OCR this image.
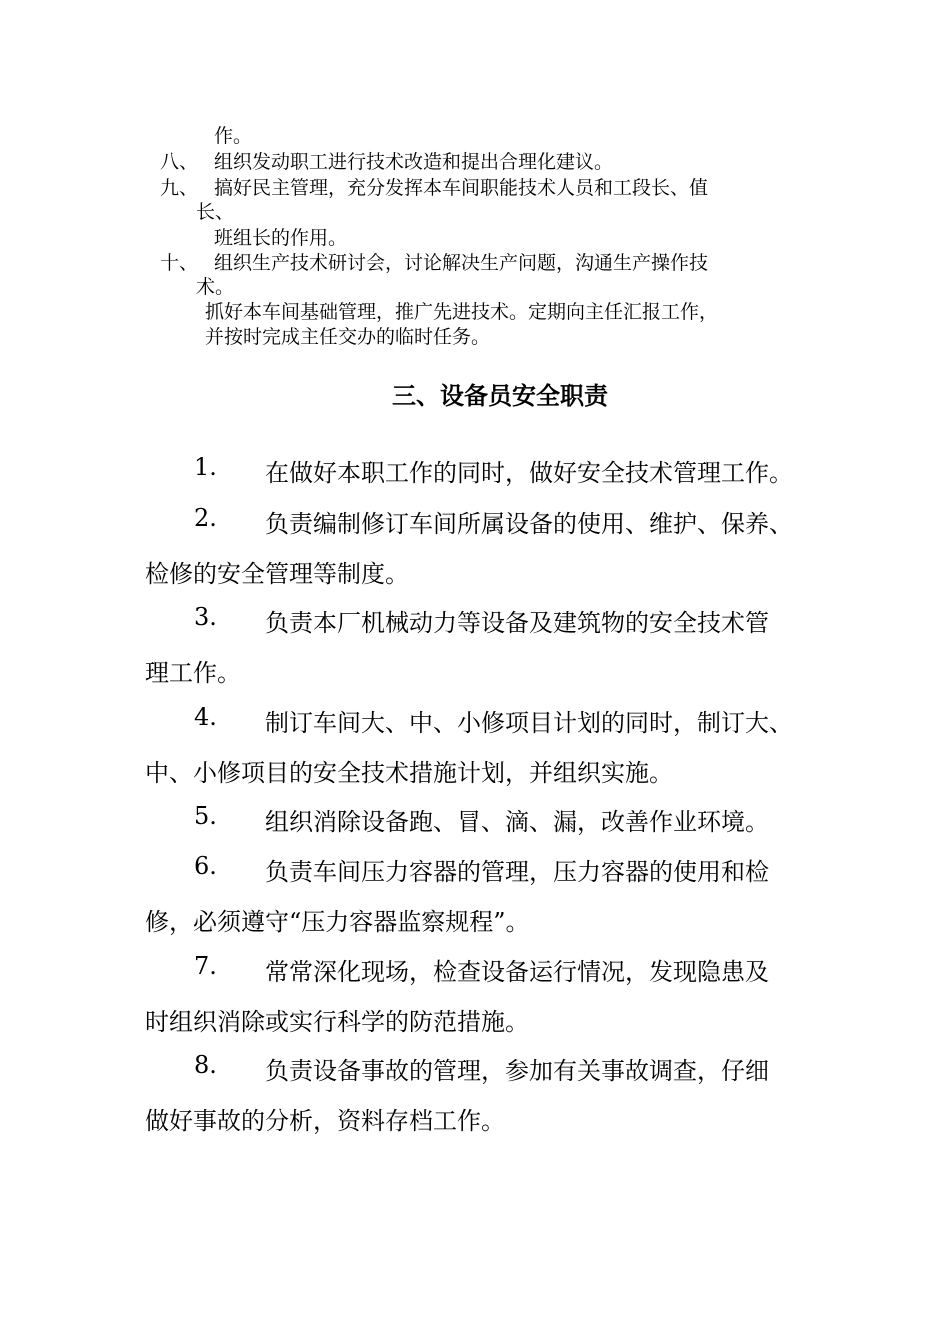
作。
八、 组织发动职工进行技术改造和提出合理化建议。
九、 搞好民主管理，充分发挥本车间职能技术人员和工段长、值
长、
班组长的作用。
十、 组织生产技术研讨会，讨论解决生产问题，沟通生产操作技
术。
抓好本车间基础管理，推广先进技术。定期向主任汇报工作，
并按时完成主任交办的临时任务。
三、设备员安全职责
1. 在做好本职工作的同时，做好安全技术管理工作。
2. 负责编制修订车间所属设备的使用、维护、保养、
检修的安全管理等制度。
3. 负责本厂机械动力等设备及建筑物的安全技术管
理工作。
4. 制订车间大、中、小修项目计划的同时，制订大、
中、小修项目的安全技术措施计划，并组织实施。
5. 组织消除设备跑、冒、滴、漏，改善作业环境。
6. 负责车间压力容器的管理，压力容器的使用和检
修，必须遵守“压力容器监察规程”。
7. 常常深化现场，检查设备运行情况，发现隐患及
时组织消除或实行科学的防范措施。
8. 负责设备事故的管理，参加有关事故调查，仔细
做好事故的分析，资料存档工作。
